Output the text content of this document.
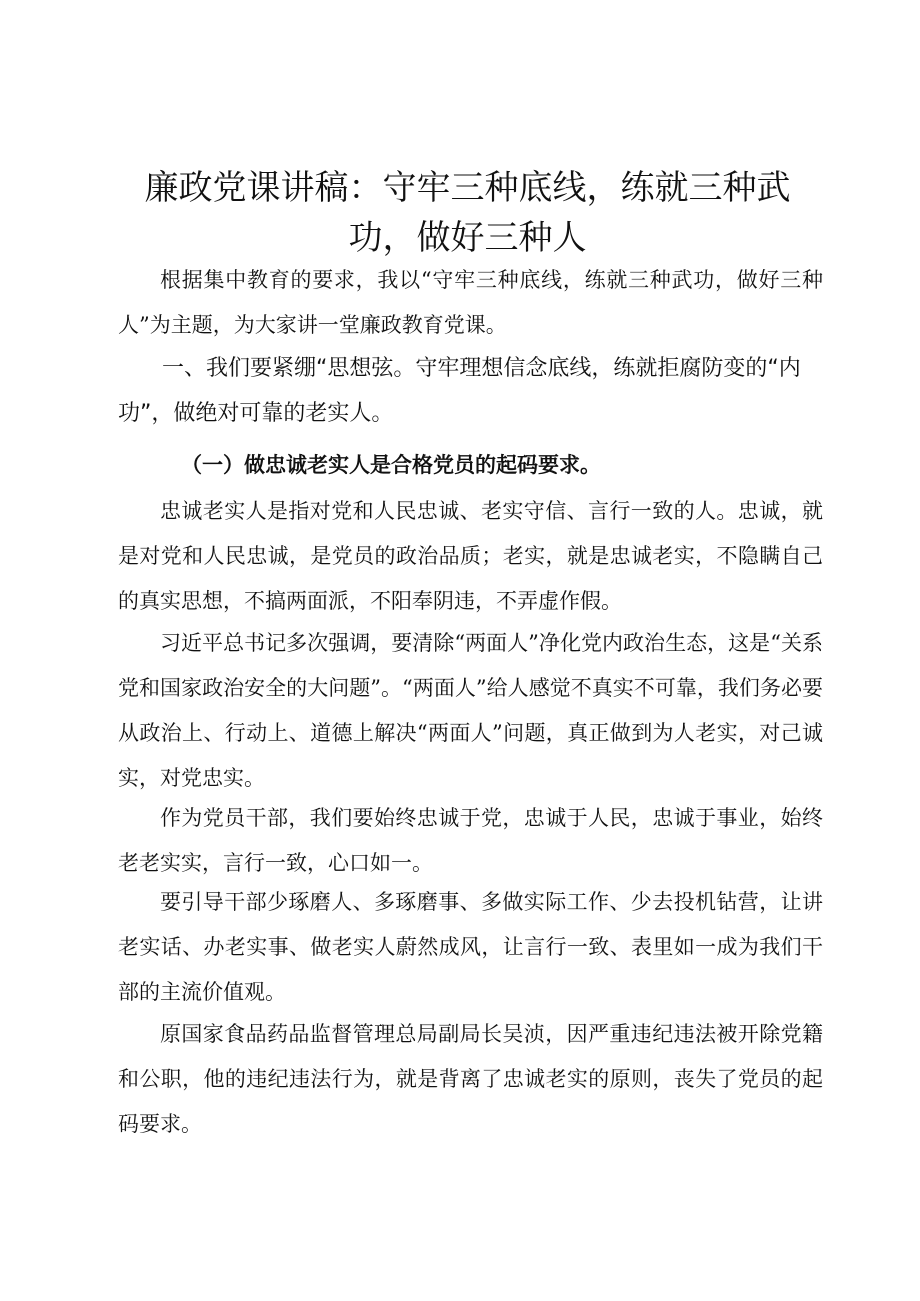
廉政党课讲稿：守牢三种底线，练就三种武
功，做好三种人

根据集中教育的要求，我以“守牢三种底线，练就三种武功，做好三种人”为主题，为大家讲一堂廉政教育党课。

一、我们要紧绷“思想弦。守牢理想信念底线，练就拒腐防变的“内功”，做绝对可靠的老实人。

（一）做忠诚老实人是合格党员的起码要求。

忠诚老实人是指对党和人民忠诚、老实守信、言行一致的人。忠诚，就是对党和人民忠诚，是党员的政治品质；老实，就是忠诚老实，不隐瞒自己的真实思想，不搞两面派，不阳奉阴违，不弄虚作假。

习近平总书记多次强调，要清除“两面人”净化党内政治生态，这是“关系党和国家政治安全的大问题”。“两面人”给人感觉不真实不可靠，我们务必要从政治上、行动上、道德上解决“两面人”问题，真正做到为人老实，对己诚实，对党忠实。

作为党员干部，我们要始终忠诚于党，忠诚于人民，忠诚于事业，始终老老实实，言行一致，心口如一。

要引导干部少琢磨人、多琢磨事、多做实际工作、少去投机钻营，让讲老实话、办老实事、做老实人蔚然成风，让言行一致、表里如一成为我们干部的主流价值观。

原国家食品药品监督管理总局副局长吴浈，因严重违纪违法被开除党籍和公职，他的违纪违法行为，就是背离了忠诚老实的原则，丧失了党员的起码要求。
